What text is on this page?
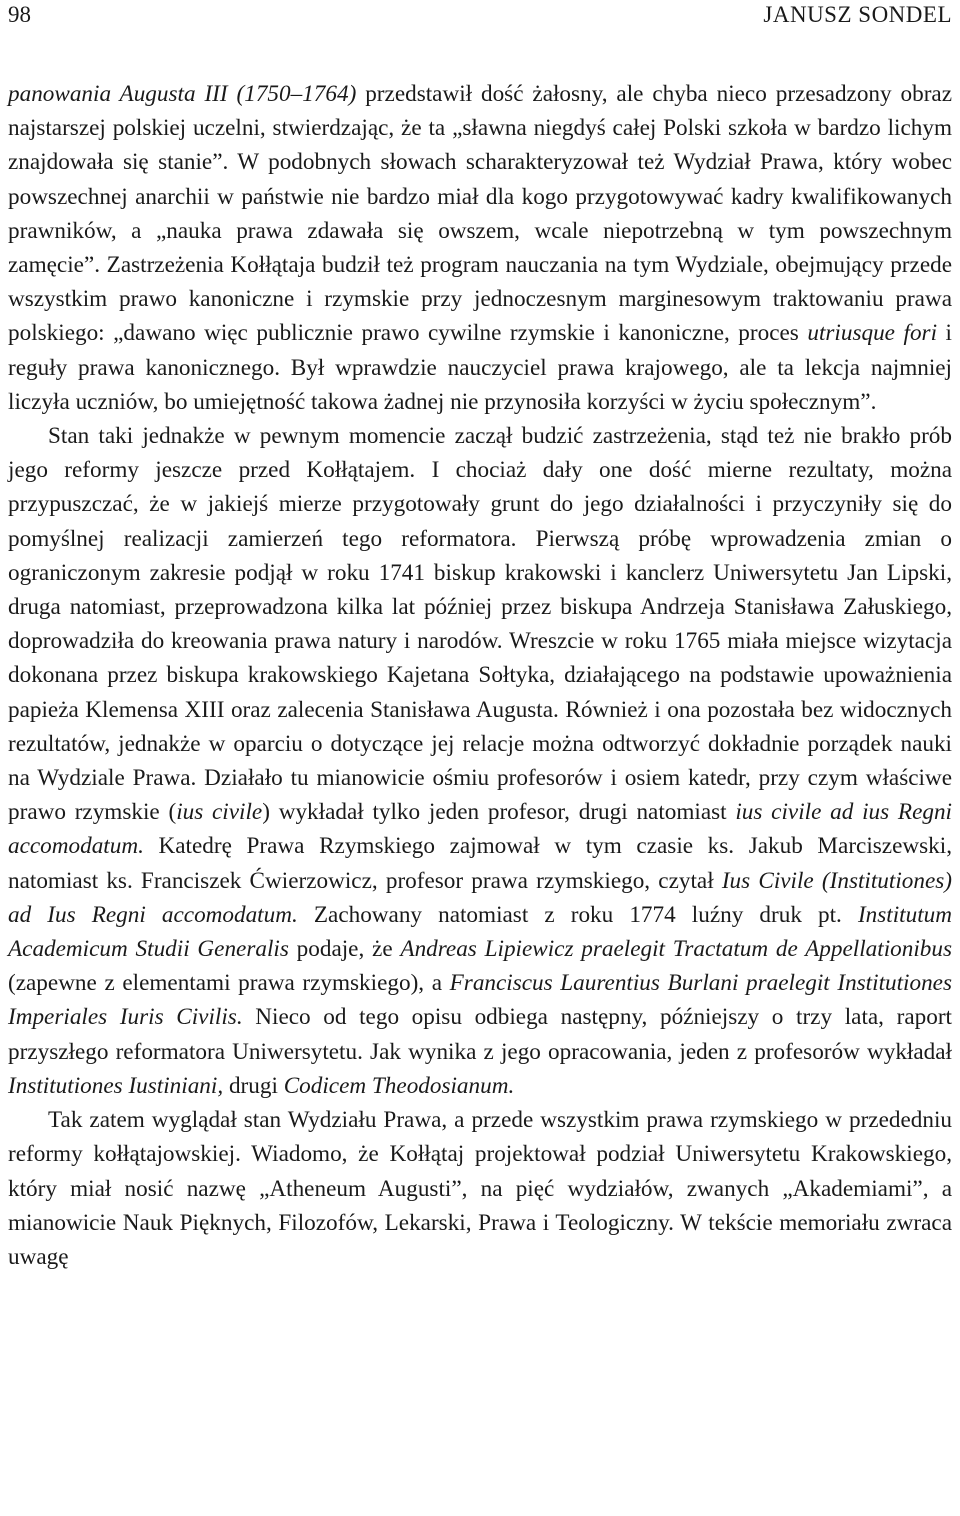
98	JANUSZ SONDEL

panowania Augusta III (1750–1764) przedstawił dość żałosny, ale chyba nieco przesadzony obraz najstarszej polskiej uczelni, stwierdzając, że ta „sławna niegdyś całej Polski szkoła w bardzo lichym znajdowała się stanie”. W podobnych słowach scharakteryzował też Wydział Prawa, który wobec powszechnej anarchii w państwie nie bardzo miał dla kogo przygotowywać kadry kwalifikowanych prawników, a „nauka prawa zdawała się owszem, wcale niepotrzebną w tym powszechnym zamęcie”. Zastrzeżenia Kołłątaja budził też program nauczania na tym Wydziale, obejmujący przede wszystkim prawo kanoniczne i rzymskie przy jednoczesnym marginesowym traktowaniu prawa polskiego: „dawano więc publicznie prawo cywilne rzymskie i kanoniczne, proces utriusque fori i reguły prawa kanonicznego. Był wprawdzie nauczyciel prawa krajowego, ale ta lekcja najmniej liczyła uczniów, bo umiejętność takowa żadnej nie przynosiła korzyści w życiu społecznym”.

Stan taki jednakże w pewnym momencie zaczął budzić zastrzeżenia, stąd też nie brakło prób jego reformy jeszcze przed Kołłątajem. I chociaż dały one dość mierne rezultaty, można przypuszczać, że w jakiejś mierze przygotowały grunt do jego działalności i przyczyniły się do pomyślnej realizacji zamierzeń tego reformatora. Pierwszą próbę wprowadzenia zmian o ograniczonym zakresie podjął w roku 1741 biskup krakowski i kanclerz Uniwersytetu Jan Lipski, druga natomiast, przeprowadzona kilka lat później przez biskupa Andrzeja Stanisława Załuskiego, doprowadziła do kreowania prawa natury i narodów. Wreszcie w roku 1765 miała miejsce wizytacja dokonana przez biskupa krakowskiego Kajetana Sołtyka, działającego na podstawie upoważnienia papieża Klemensa XIII oraz zalecenia Stanisława Augusta. Również i ona pozostała bez widocznych rezultatów, jednakże w oparciu o dotyczące jej relacje można odtworzyć dokładnie porządek nauki na Wydziale Prawa. Działało tu mianowicie ośmiu profesorów i osiem katedr, przy czym właściwe prawo rzymskie (ius civile) wykładał tylko jeden profesor, drugi natomiast ius civile ad ius Regni accomodatum. Katedrę Prawa Rzymskiego zajmował w tym czasie ks. Jakub Marciszewski, natomiast ks. Franciszek Ćwierzowicz, profesor prawa rzymskiego, czytał Ius Civile (Institutiones) ad Ius Regni accomodatum. Zachowany natomiast z roku 1774 luźny druk pt. Institutum Academicum Studii Generalis podaje, że Andreas Lipiewicz praelegit Tractatum de Appellationibus (zapewne z elementami prawa rzymskiego), a Franciscus Laurentius Burlani praelegit Institutiones Imperiales Iuris Civilis. Nieco od tego opisu odbiega następny, późniejszy o trzy lata, raport przyszłego reformatora Uniwersytetu. Jak wynika z jego opracowania, jeden z profesorów wykładał Institutiones Iustiniani, drugi Codicem Theodosianum.

Tak zatem wyglądał stan Wydziału Prawa, a przede wszystkim prawa rzymskiego w przededniu reformy kołłątajowskiej. Wiadomo, że Kołłątaj projektował podział Uniwersytetu Krakowskiego, który miał nosić nazwę „Atheneum Augusti”, na pięć wydziałów, zwanych „Akademiami”, a mianowicie Nauk Pięknych, Filozofów, Lekarski, Prawa i Teologiczny. W tekście memoriału zwraca uwagę
